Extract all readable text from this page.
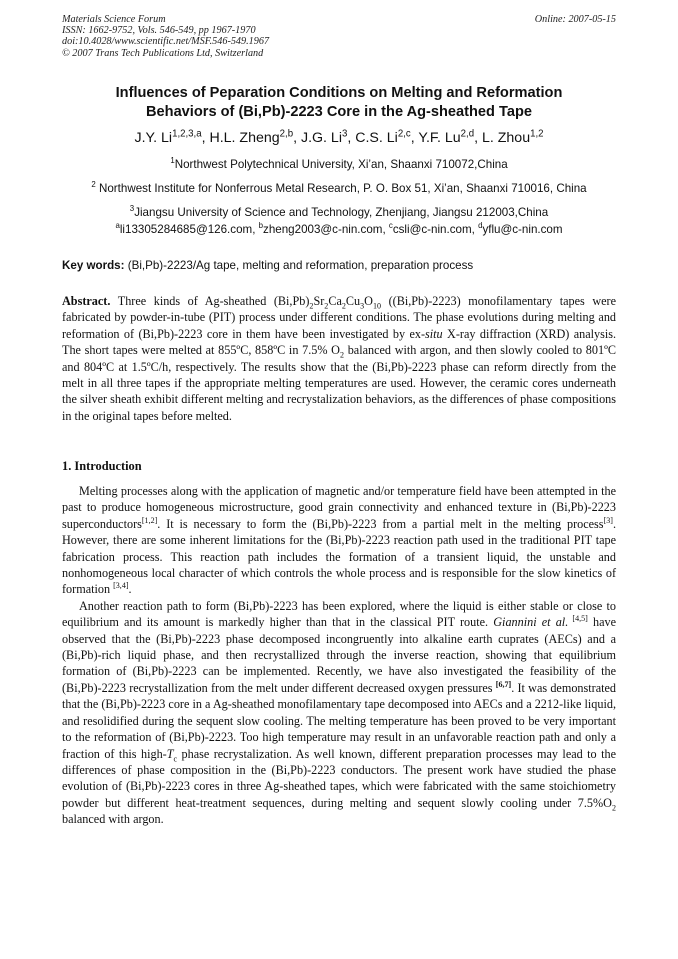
Materials Science Forum
ISSN: 1662-9752, Vols. 546-549, pp 1967-1970
doi:10.4028/www.scientific.net/MSF.546-549.1967
© 2007 Trans Tech Publications Ltd, Switzerland
Online: 2007-05-15
Influences of Peparation Conditions on Melting and Reformation
Behaviors of (Bi,Pb)-2223 Core in the Ag-sheathed Tape
J.Y. Li$^{1,2,3,a}$, H.L. Zheng$^{2,b}$, J.G. Li$^3$, C.S. Li$^{2,c}$, Y.F. Lu$^{2,d}$, L. Zhou$^{1,2}$
$^1$Northwest Polytechnical University, Xi’an, Shaanxi 710072,China
$^2$ Northwest Institute for Nonferrous Metal Research, P. O. Box 51, Xi’an, Shaanxi 710016, China
$^3$Jiangsu University of Science and Technology, Zhenjiang, Jiangsu 212003,China
$^a$li13305284685@126.com, $^b$zheng2003@c-nin.com, $^c$csli@c-nin.com, $^d$yflu@c-nin.com
Key words: (Bi,Pb)-2223/Ag tape, melting and reformation, preparation process

Abstract. Three kinds of Ag-sheathed $(Bi,Pb)_2Sr_2Ca_2Cu_3O_{10}$ ((Bi,Pb)-2223) monofilamentary tapes were fabricated by powder-in-tube (PIT) process under different conditions. The phase evolutions during melting and reformation of (Bi,Pb)-2223 core in them have been investigated by ex-situ X-ray diffraction (XRD) analysis. The short tapes were melted at 855ºC, 858ºC in 7.5% $O_2$ balanced with argon, and then slowly cooled to 801ºC and 804ºC at 1.5ºC/h, respectively. The results show that the (Bi,Pb)-2223 phase can reform directly from the melt in all three tapes if the appropriate melting temperatures are used. However, the ceramic cores underneath the silver sheath exhibit different melting and recrystalization behaviors, as the differences of phase compositions in the original tapes before melted.

1. Introduction

Melting processes along with the application of magnetic and/or temperature field have been attempted in the past to produce homogeneous microstructure, good grain connectivity and enhanced texture in (Bi,Pb)-2223 superconductors[1,2]. It is necessary to form the (Bi,Pb)-2223 from a partial melt in the melting process[3]. However, there are some inherent limitations for the (Bi,Pb)-2223 reaction path used in the traditional PIT tape fabrication process. This reaction path includes the formation of a transient liquid, the unstable and nonhomogeneous local character of which controls the whole process and is responsible for the slow kinetics of formation [3,4].

Another reaction path to form (Bi,Pb)-2223 has been explored, where the liquid is either stable or close to equilibrium and its amount is markedly higher than that in the classical PIT route. Giannini et al. [4,5] have observed that the (Bi,Pb)-2223 phase decomposed incongruently into alkaline earth cuprates (AECs) and a (Bi,Pb)-rich liquid phase, and then recrystallized through the inverse reaction, showing that equilibrium formation of (Bi,Pb)-2223 can be implemented. Recently, we have also investigated the feasibility of the (Bi,Pb)-2223 recrystallization from the melt under different decreased oxygen pressures [6,7]. It was demonstrated that the (Bi,Pb)-2223 core in a Ag-sheathed monofilamentary tape decomposed into AECs and a 2212-like liquid, and resolidified during the sequent slow cooling. The melting temperature has been proved to be very important to the reformation of (Bi,Pb)-2223. Too high temperature may result in an unfavorable reaction path and only a fraction of this high-$T_c$ phase recrystalization. As well known, different preparation processes may lead to the differences of phase composition in the (Bi,Pb)-2223 conductors. The present work have studied the phase evolution of (Bi,Pb)-2223 cores in three Ag-sheathed tapes, which were fabricated with the same stoichiometry powder but different heat-treatment sequences, during melting and sequent slowly cooling under $7.5\%O_2$ balanced with argon.
